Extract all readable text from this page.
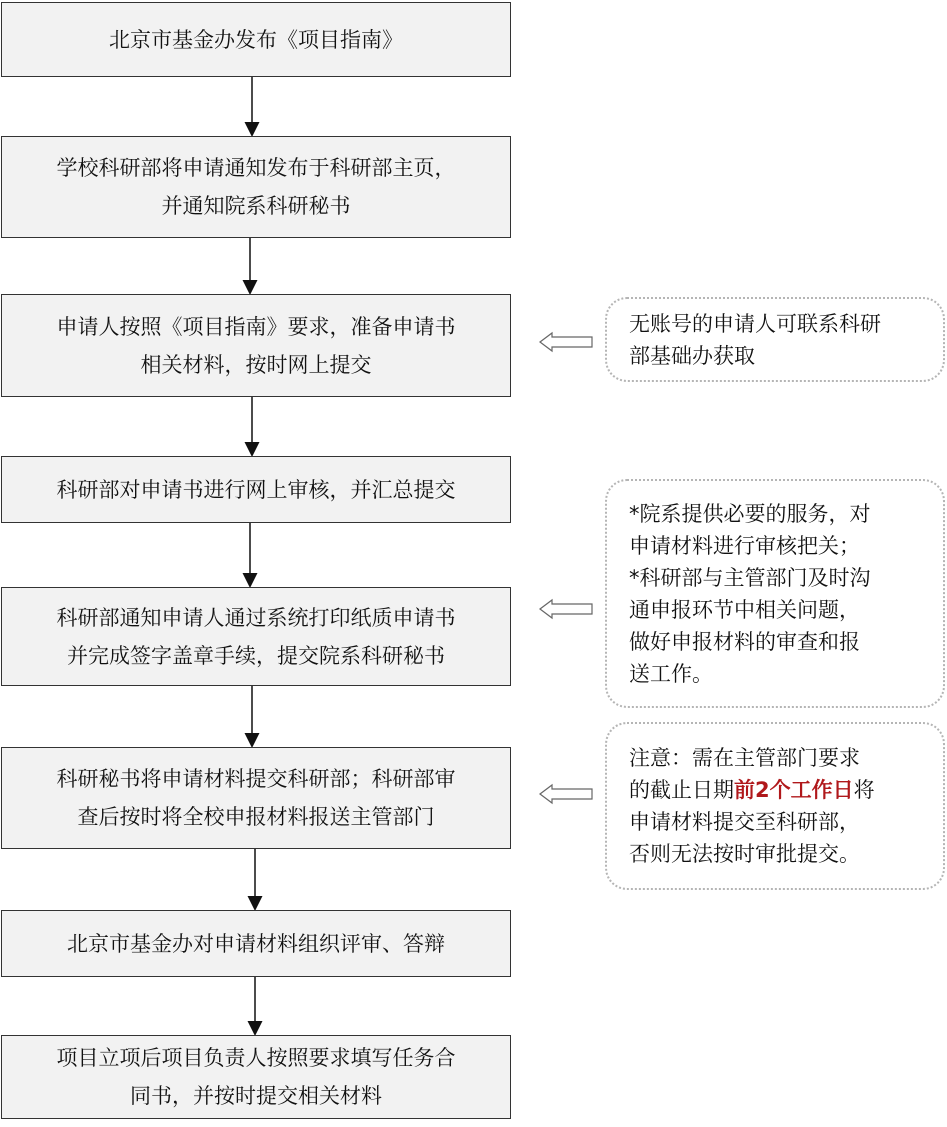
北京市基金办发布《项目指南》
学校科研部将申请通知发布于科研部主页，
并通知院系科研秘书
申请人按照《项目指南》要求，准备申请书
相关材料，按时网上提交
科研部对申请书进行网上审核，并汇总提交
科研部通知申请人通过系统打印纸质申请书
并完成签字盖章手续，提交院系科研秘书
科研秘书将申请材料提交科研部；科研部审
查后按时将全校申报材料报送主管部门
北京市基金办对申请材料组织评审、答辩
项目立项后项目负责人按照要求填写任务合
同书，并按时提交相关材料
无账号的申请人可联系科研
部基础办获取
*院系提供必要的服务，对
申请材料进行审核把关；
*科研部与主管部门及时沟
通申报环节中相关问题，
做好申报材料的审查和报
送工作。
注意：需在主管部门要求
的截止日期前2个工作日将
申请材料提交至科研部，
否则无法按时审批提交。
